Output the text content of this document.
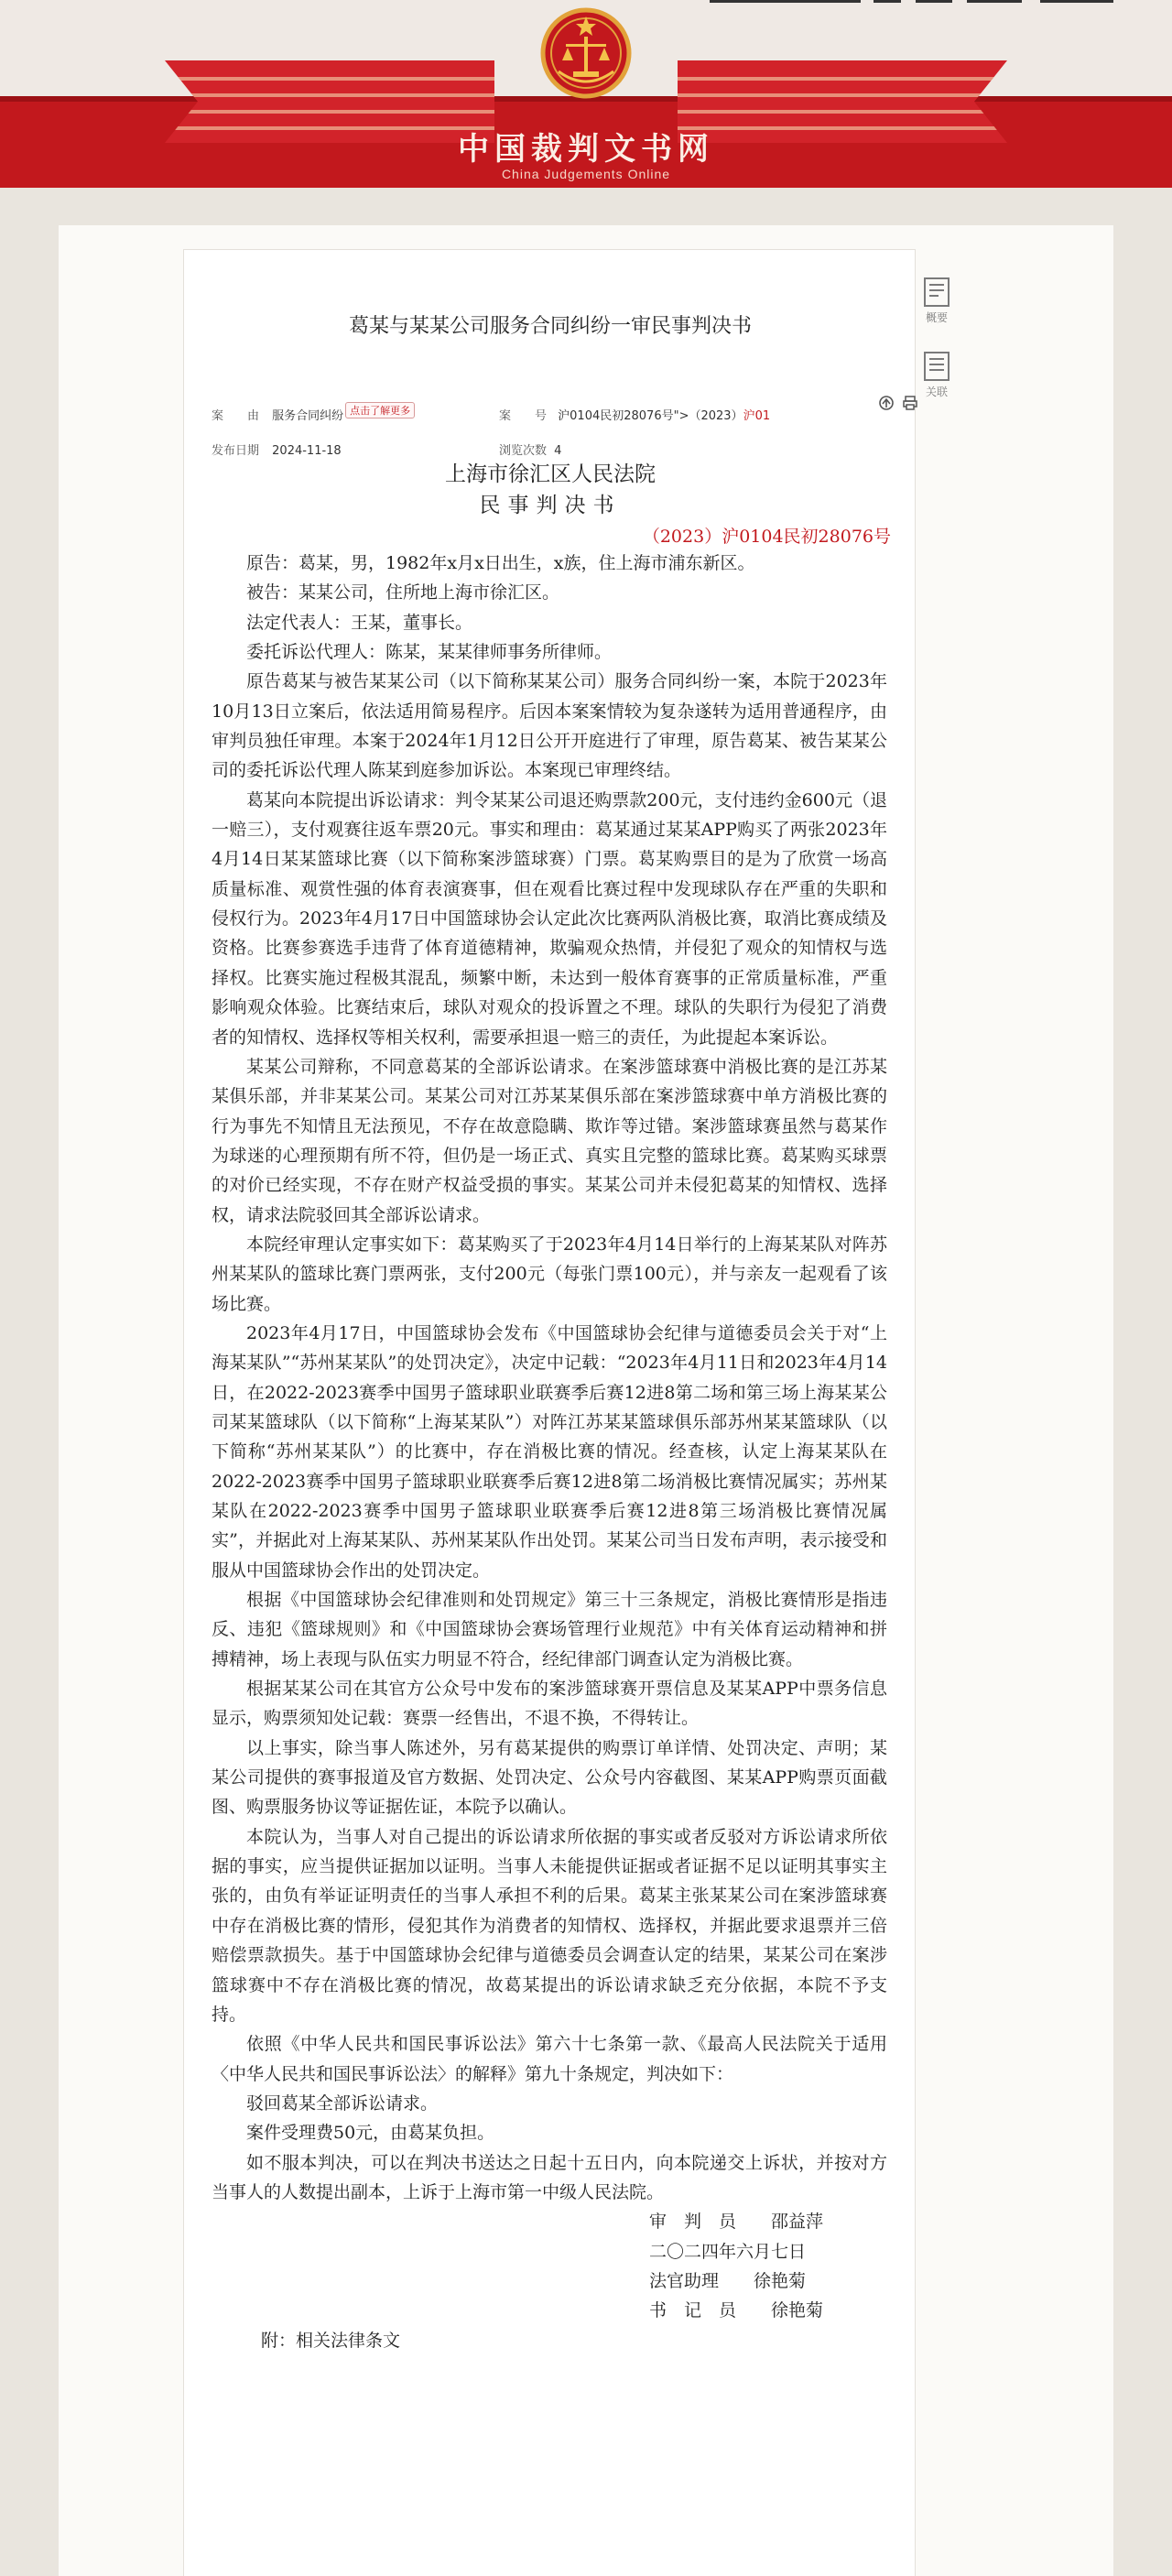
中国裁判文书网
China Judgements Online
概要
关联
葛某与某某公司服务合同纠纷一审民事判决书
案　　由 服务合同纠纷 点击了解更多	案　　号 沪0104民初28076号">（2023）沪01
发布日期 2024-11-18	浏览次数 4
上海市徐汇区人民法院
民事判决书
（2023）沪0104民初28076号

原告：葛某，男，1982年x月x日出生，x族，住上海市浦东新区。

被告：某某公司，住所地上海市徐汇区。

法定代表人：王某，董事长。

委托诉讼代理人：陈某，某某律师事务所律师。

原告葛某与被告某某公司（以下简称某某公司）服务合同纠纷一案，本院于2023年10月13日立案后，依法适用简易程序。后因本案案情较为复杂遂转为适用普通程序，由审判员独任审理。本案于2024年1月12日公开开庭进行了审理，原告葛某、被告某某公司的委托诉讼代理人陈某到庭参加诉讼。本案现已审理终结。

葛某向本院提出诉讼请求：判令某某公司退还购票款200元，支付违约金600元（退一赔三），支付观赛往返车票20元。事实和理由：葛某通过某某APP购买了两张2023年4月14日某某篮球比赛（以下简称案涉篮球赛）门票。葛某购票目的是为了欣赏一场高质量标准、观赏性强的体育表演赛事，但在观看比赛过程中发现球队存在严重的失职和侵权行为。2023年4月17日中国篮球协会认定此次比赛两队消极比赛，取消比赛成绩及资格。比赛参赛选手违背了体育道德精神，欺骗观众热情，并侵犯了观众的知情权与选择权。比赛实施过程极其混乱，频繁中断，未达到一般体育赛事的正常质量标准，严重影响观众体验。比赛结束后，球队对观众的投诉置之不理。球队的失职行为侵犯了消费者的知情权、选择权等相关权利，需要承担退一赔三的责任，为此提起本案诉讼。

某某公司辩称，不同意葛某的全部诉讼请求。在案涉篮球赛中消极比赛的是江苏某某俱乐部，并非某某公司。某某公司对江苏某某俱乐部在案涉篮球赛中单方消极比赛的行为事先不知情且无法预见，不存在故意隐瞒、欺诈等过错。案涉篮球赛虽然与葛某作为球迷的心理预期有所不符，但仍是一场正式、真实且完整的篮球比赛。葛某购买球票的对价已经实现，不存在财产权益受损的事实。某某公司并未侵犯葛某的知情权、选择权，请求法院驳回其全部诉讼请求。

本院经审理认定事实如下：葛某购买了于2023年4月14日举行的上海某某队对阵苏州某某队的篮球比赛门票两张，支付200元（每张门票100元），并与亲友一起观看了该场比赛。

2023年4月17日，中国篮球协会发布《中国篮球协会纪律与道德委员会关于对“上海某某队”“苏州某某队”的处罚决定》，决定中记载：“2023年4月11日和2023年4月14日，在2022-2023赛季中国男子篮球职业联赛季后赛12进8第二场和第三场上海某某公司某某篮球队（以下简称“上海某某队”）对阵江苏某某篮球俱乐部苏州某某篮球队（以下简称“苏州某某队”）的比赛中，存在消极比赛的情况。经查核，认定上海某某队在2022-2023赛季中国男子篮球职业联赛季后赛12进8第二场消极比赛情况属实；苏州某某队在2022-2023赛季中国男子篮球职业联赛季后赛12进8第三场消极比赛情况属实”，并据此对上海某某队、苏州某某队作出处罚。某某公司当日发布声明，表示接受和服从中国篮球协会作出的处罚决定。

根据《中国篮球协会纪律准则和处罚规定》第三十三条规定，消极比赛情形是指违反、违犯《篮球规则》和《中国篮球协会赛场管理行业规范》中有关体育运动精神和拼搏精神，场上表现与队伍实力明显不符合，经纪律部门调查认定为消极比赛。

根据某某公司在其官方公众号中发布的案涉篮球赛开票信息及某某APP中票务信息显示，购票须知处记载：赛票一经售出，不退不换，不得转让。

以上事实，除当事人陈述外，另有葛某提供的购票订单详情、处罚决定、声明；某某公司提供的赛事报道及官方数据、处罚决定、公众号内容截图、某某APP购票页面截图、购票服务协议等证据佐证，本院予以确认。

本院认为，当事人对自己提出的诉讼请求所依据的事实或者反驳对方诉讼请求所依据的事实，应当提供证据加以证明。当事人未能提供证据或者证据不足以证明其事实主张的，由负有举证证明责任的当事人承担不利的后果。葛某主张某某公司在案涉篮球赛中存在消极比赛的情形，侵犯其作为消费者的知情权、选择权，并据此要求退票并三倍赔偿票款损失。基于中国篮球协会纪律与道德委员会调查认定的结果，某某公司在案涉篮球赛中不存在消极比赛的情况，故葛某提出的诉讼请求缺乏充分依据，本院不予支持。

依照《中华人民共和国民事诉讼法》第六十七条第一款、《最高人民法院关于适用〈中华人民共和国民事诉讼法〉的解释》第九十条规定，判决如下：

驳回葛某全部诉讼请求。

案件受理费50元，由葛某负担。

如不服本判决，可以在判决书送达之日起十五日内，向本院递交上诉状，并按对方当事人的人数提出副本，上诉于上海市第一中级人民法院。

审　判　员　　邵益萍

二〇二四年六月七日

法官助理　　徐艳菊

书　记　员　　徐艳菊

附：相关法律条文
